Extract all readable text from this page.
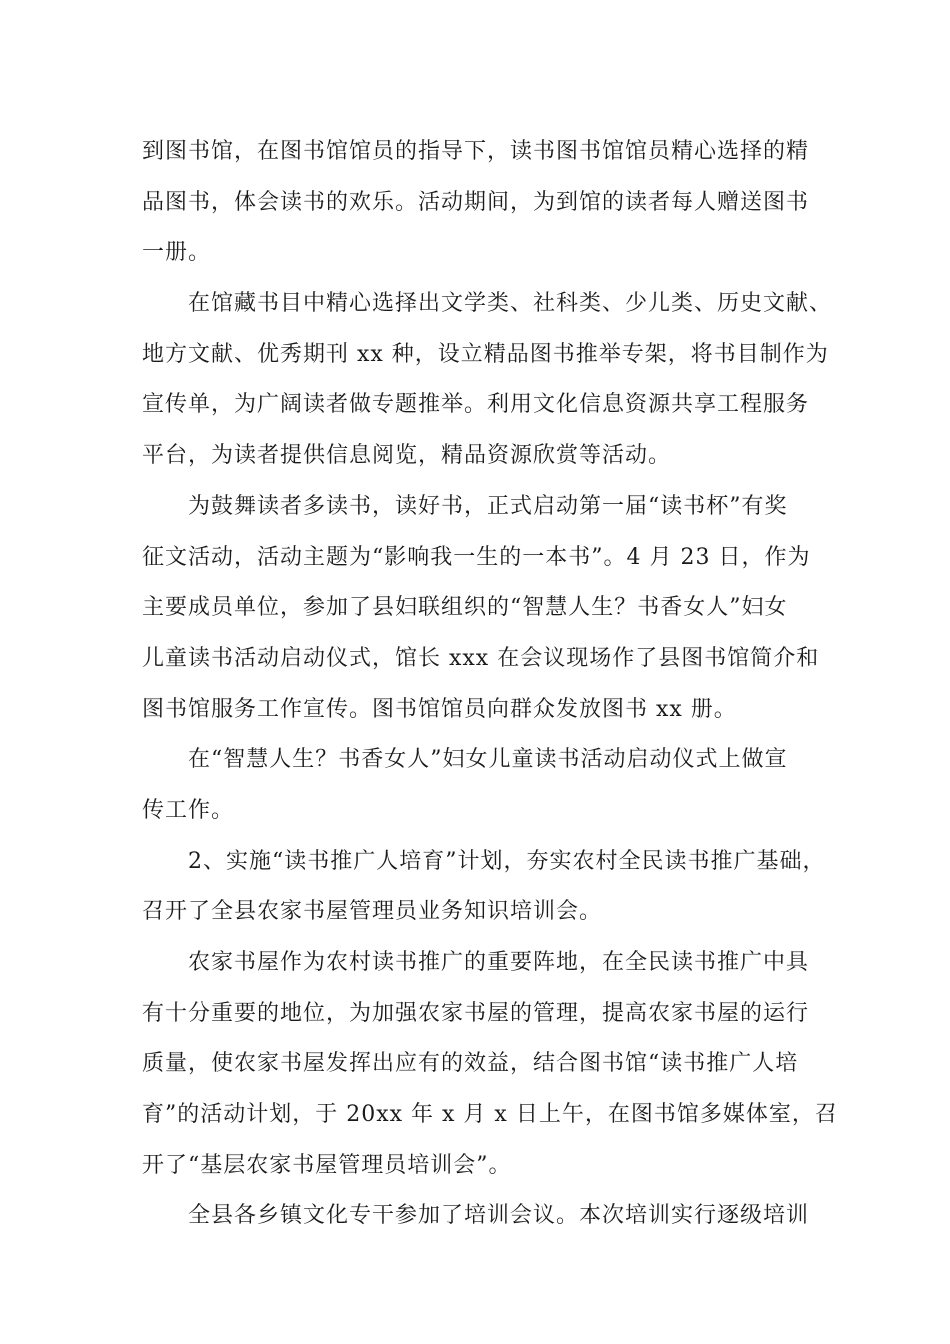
到图书馆，在图书馆馆员的指导下，读书图书馆馆员精心选择的精
品图书，体会读书的欢乐。活动期间，为到馆的读者每人赠送图书
一册。
在馆藏书目中精心选择出文学类、社科类、少儿类、历史文献、
地方文献、优秀期刊 xx 种，设立精品图书推举专架，将书目制作为
宣传单，为广阔读者做专题推举。利用文化信息资源共享工程服务
平台，为读者提供信息阅览，精品资源欣赏等活动。
为鼓舞读者多读书，读好书，正式启动第一届“读书杯”有奖
征文活动，活动主题为“影响我一生的一本书”。4 月 23 日，作为
主要成员单位，参加了县妇联组织的“智慧人生？书香女人”妇女
儿童读书活动启动仪式，馆长 xxx 在会议现场作了县图书馆简介和
图书馆服务工作宣传。图书馆馆员向群众发放图书 xx 册。
在“智慧人生？书香女人”妇女儿童读书活动启动仪式上做宣
传工作。
2、实施“读书推广人培育”计划，夯实农村全民读书推广基础，
召开了全县农家书屋管理员业务知识培训会。
农家书屋作为农村读书推广的重要阵地，在全民读书推广中具
有十分重要的地位，为加强农家书屋的管理，提高农家书屋的运行
质量，使农家书屋发挥出应有的效益，结合图书馆“读书推广人培
育”的活动计划，于 20xx 年 x 月 x 日上午，在图书馆多媒体室，召
开了“基层农家书屋管理员培训会”。
全县各乡镇文化专干参加了培训会议。本次培训实行逐级培训
